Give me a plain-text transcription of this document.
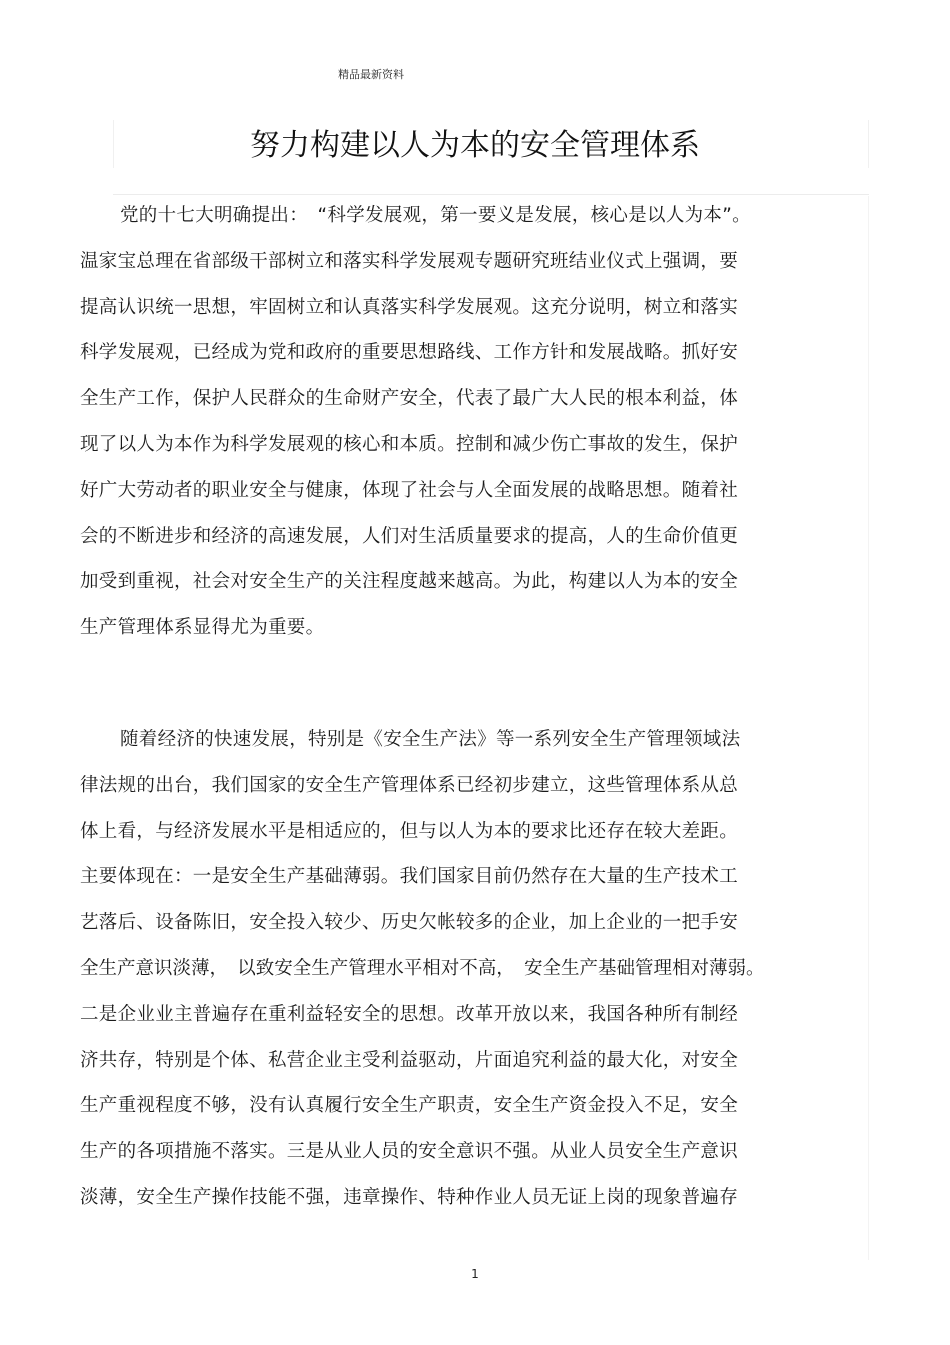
精品最新资料
努力构建以人为本的安全管理体系
党的十七大明确提出：　“科学发展观，第一要义是发展，核心是以人为本”。
温家宝总理在省部级干部树立和落实科学发展观专题研究班结业仪式上强调，要
提高认识统一思想，牢固树立和认真落实科学发展观。这充分说明，树立和落实
科学发展观，已经成为党和政府的重要思想路线、工作方针和发展战略。抓好安
全生产工作，保护人民群众的生命财产安全，代表了最广大人民的根本利益，体
现了以人为本作为科学发展观的核心和本质。控制和减少伤亡事故的发生，保护
好广大劳动者的职业安全与健康，体现了社会与人全面发展的战略思想。随着社
会的不断进步和经济的高速发展，人们对生活质量要求的提高，人的生命价值更
加受到重视，社会对安全生产的关注程度越来越高。为此，构建以人为本的安全
生产管理体系显得尤为重要。
随着经济的快速发展，特别是《安全生产法》等一系列安全生产管理领域法
律法规的出台，我们国家的安全生产管理体系已经初步建立，这些管理体系从总
体上看，与经济发展水平是相适应的，但与以人为本的要求比还存在较大差距。
主要体现在：一是安全生产基础薄弱。我们国家目前仍然存在大量的生产技术工
艺落后、设备陈旧，安全投入较少、历史欠帐较多的企业，加上企业的一把手安
全生产意识淡薄，　以致安全生产管理水平相对不高，　安全生产基础管理相对薄弱。
二是企业业主普遍存在重利益轻安全的思想。改革开放以来，我国各种所有制经
济共存，特别是个体、私营企业主受利益驱动，片面追究利益的最大化，对安全
生产重视程度不够，没有认真履行安全生产职责，安全生产资金投入不足，安全
生产的各项措施不落实。三是从业人员的安全意识不强。从业人员安全生产意识
淡薄，安全生产操作技能不强，违章操作、特种作业人员无证上岗的现象普遍存
1
